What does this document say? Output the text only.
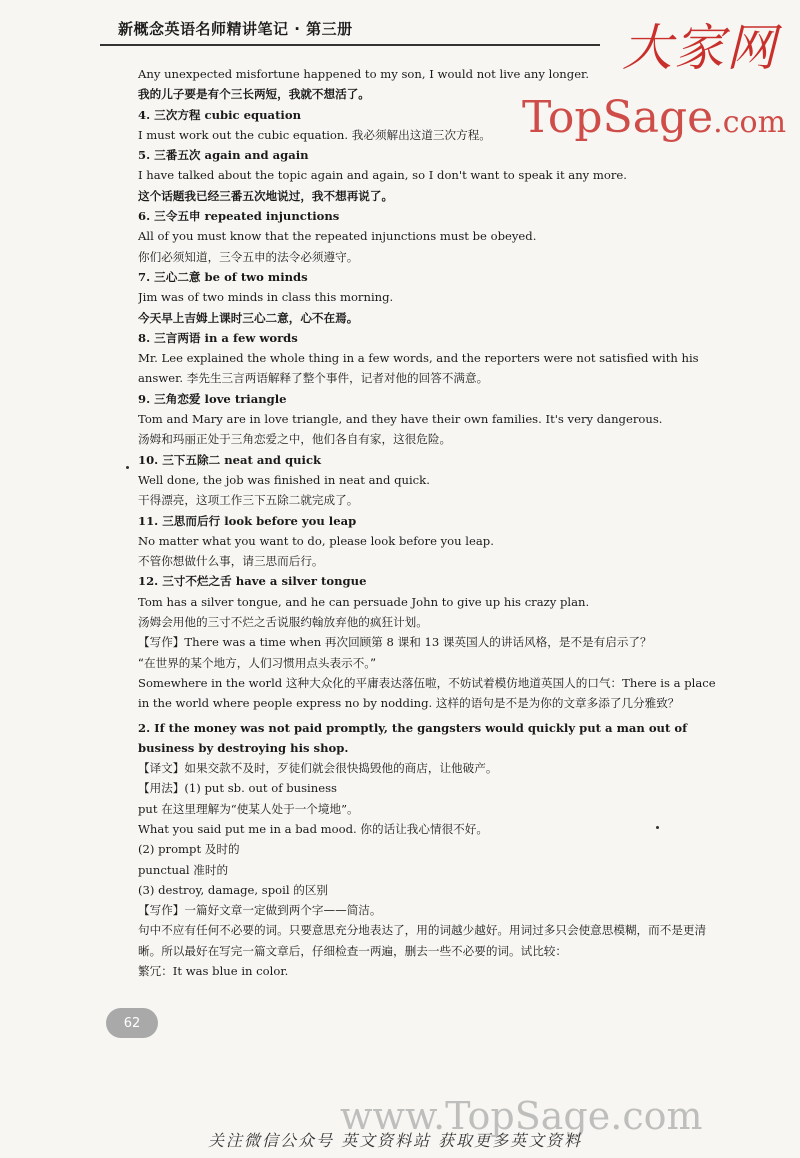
新概念英语名师精讲笔记 · 第三册	大家网
TopSage.com
Any unexpected misfortune happened to my son, I would not live any longer.
我的儿子要是有个三长两短，我就不想活了。
4. 三次方程 cubic equation
I must work out the cubic equation. 我必须解出这道三次方程。
5. 三番五次 again and again
I have talked about the topic again and again, so I don't want to speak it any more.
这个话题我已经三番五次地说过，我不想再说了。
6. 三令五申 repeated injunctions
All of you must know that the repeated injunctions must be obeyed.
你们必须知道，三令五申的法令必须遵守。
7. 三心二意 be of two minds
Jim was of two minds in class this morning.
今天早上吉姆上课时三心二意，心不在焉。
8. 三言两语 in a few words
Mr. Lee explained the whole thing in a few words, and the reporters were not satisfied with his answer. 李先生三言两语解释了整个事件，记者对他的回答不满意。
9. 三角恋爱 love triangle
Tom and Mary are in love triangle, and they have their own families. It's very dangerous.
汤姆和玛丽正处于三角恋爱之中，他们各自有家，这很危险。
10. 三下五除二 neat and quick
Well done, the job was finished in neat and quick.
干得漂亮，这项工作三下五除二就完成了。
11. 三思而后行 look before you leap
No matter what you want to do, please look before you leap.
不管你想做什么事，请三思而后行。
12. 三寸不烂之舌 have a silver tongue
Tom has a silver tongue, and he can persuade John to give up his crazy plan.
汤姆会用他的三寸不烂之舌说服约翰放弃他的疯狂计划。
【写作】There was a time when 再次回顾第 8 课和 13 课英国人的讲话风格，是不是有启示了？
“在世界的某个地方，人们习惯用点头表示不。”
Somewhere in the world 这种大众化的平庸表达落伍啦，不妨试着模仿地道英国人的口气：There is a place in the world where people express no by nodding. 这样的语句是不是为你的文章多添了几分雅致？
2. If the money was not paid promptly, the gangsters would quickly put a man out of business by destroying his shop.
【译文】如果交款不及时，歹徒们就会很快捣毁他的商店，让他破产。
【用法】(1) put sb. out of business
put 在这里理解为“使某人处于一个境地”。
What you said put me in a bad mood. 你的话让我心情很不好。
(2) prompt 及时的
punctual 准时的
(3) destroy, damage, spoil 的区别
【写作】一篇好文章一定做到两个字——简洁。
句中不应有任何不必要的词。只要意思充分地表达了，用的词越少越好。用词过多只会使意思模糊，而不是更清晰。所以最好在写完一篇文章后，仔细检查一两遍，删去一些不必要的词。试比较：
繁冗：It was blue in color.
62
www.TopSage.com
关注微信公众号 英文资料站 获取更多英文资料
